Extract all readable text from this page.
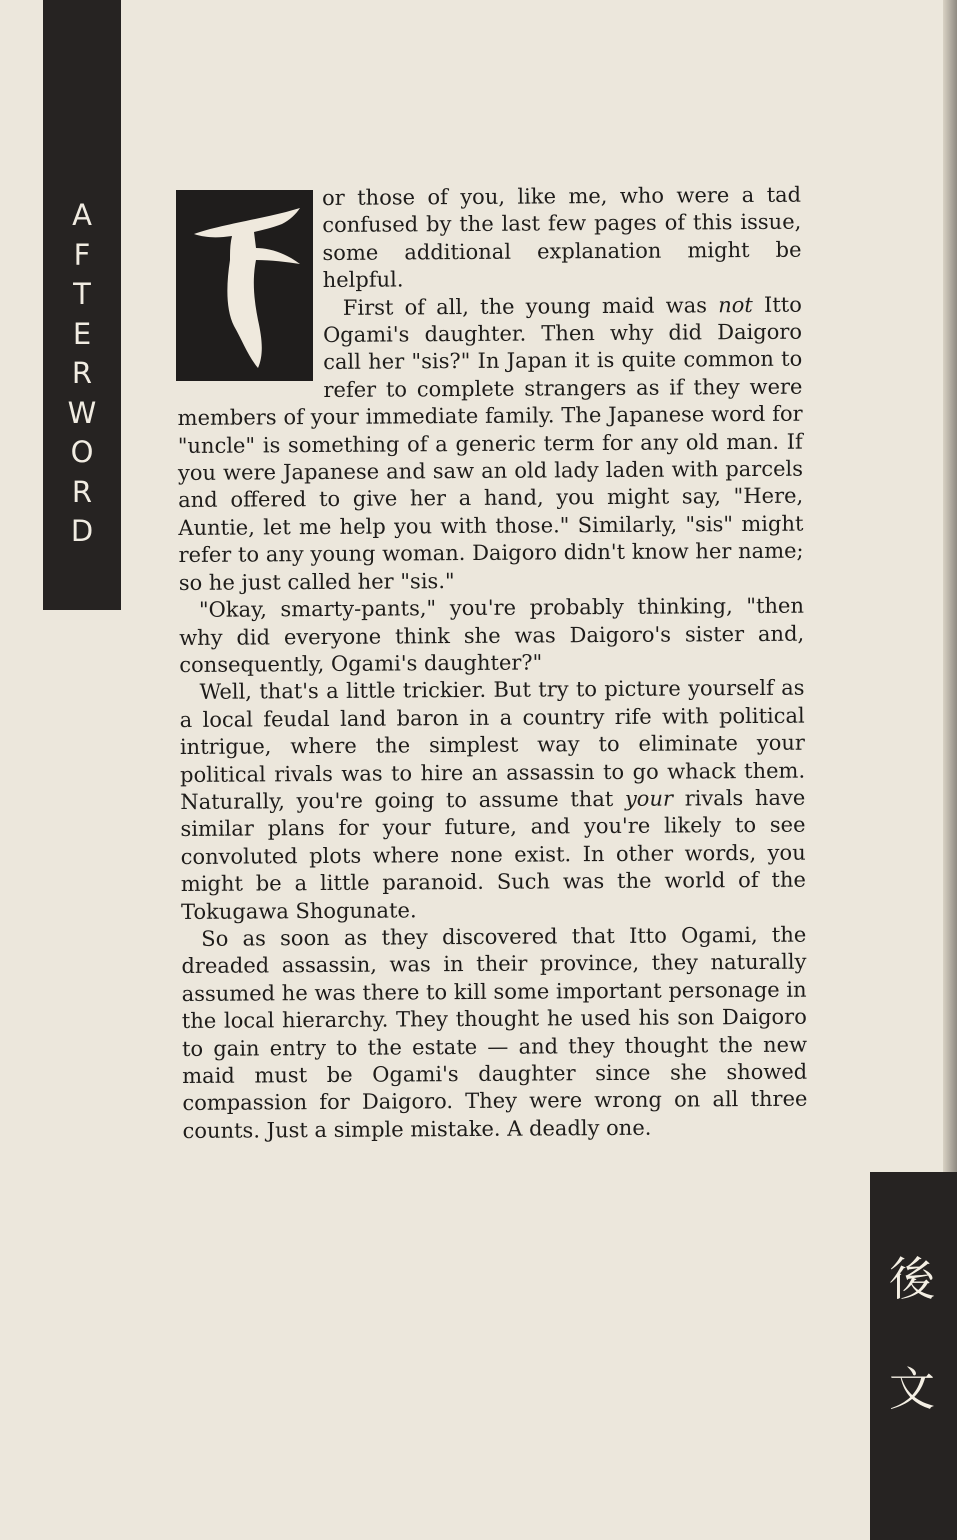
A
F
T
E
R
W
O
R
D
後
文

or those of you, like me, who were a tad confused by the last few pages of this issue, some additional explanation might be helpful.

First of all, the young maid was not Itto Ogami's daughter. Then why did Daigoro call her "sis?" In Japan it is quite common to refer to complete strangers as if they were members of your immediate family. The Japanese word for "uncle" is something of a generic term for any old man. If you were Japanese and saw an old lady laden with parcels and offered to give her a hand, you might say, "Here, Auntie, let me help you with those." Similarly, "sis" might refer to any young woman. Daigoro didn't know her name; so he just called her "sis."

"Okay, smarty-pants," you're probably thinking, "then why did everyone think she was Daigoro's sister and, consequently, Ogami's daughter?"

Well, that's a little trickier. But try to picture yourself as a local feudal land baron in a country rife with political intrigue, where the simplest way to eliminate your political rivals was to hire an assassin to go whack them. Naturally, you're going to assume that your rivals have similar plans for your future, and you're likely to see convoluted plots where none exist. In other words, you might be a little paranoid. Such was the world of the Tokugawa Shogunate.

So as soon as they discovered that Itto Ogami, the dreaded assassin, was in their province, they naturally assumed he was there to kill some important personage in the local hierarchy. They thought he used his son Daigoro to gain entry to the estate — and they thought the new maid must be Ogami's daughter since she showed compassion for Daigoro. They were wrong on all three counts. Just a simple mistake. A deadly one.
